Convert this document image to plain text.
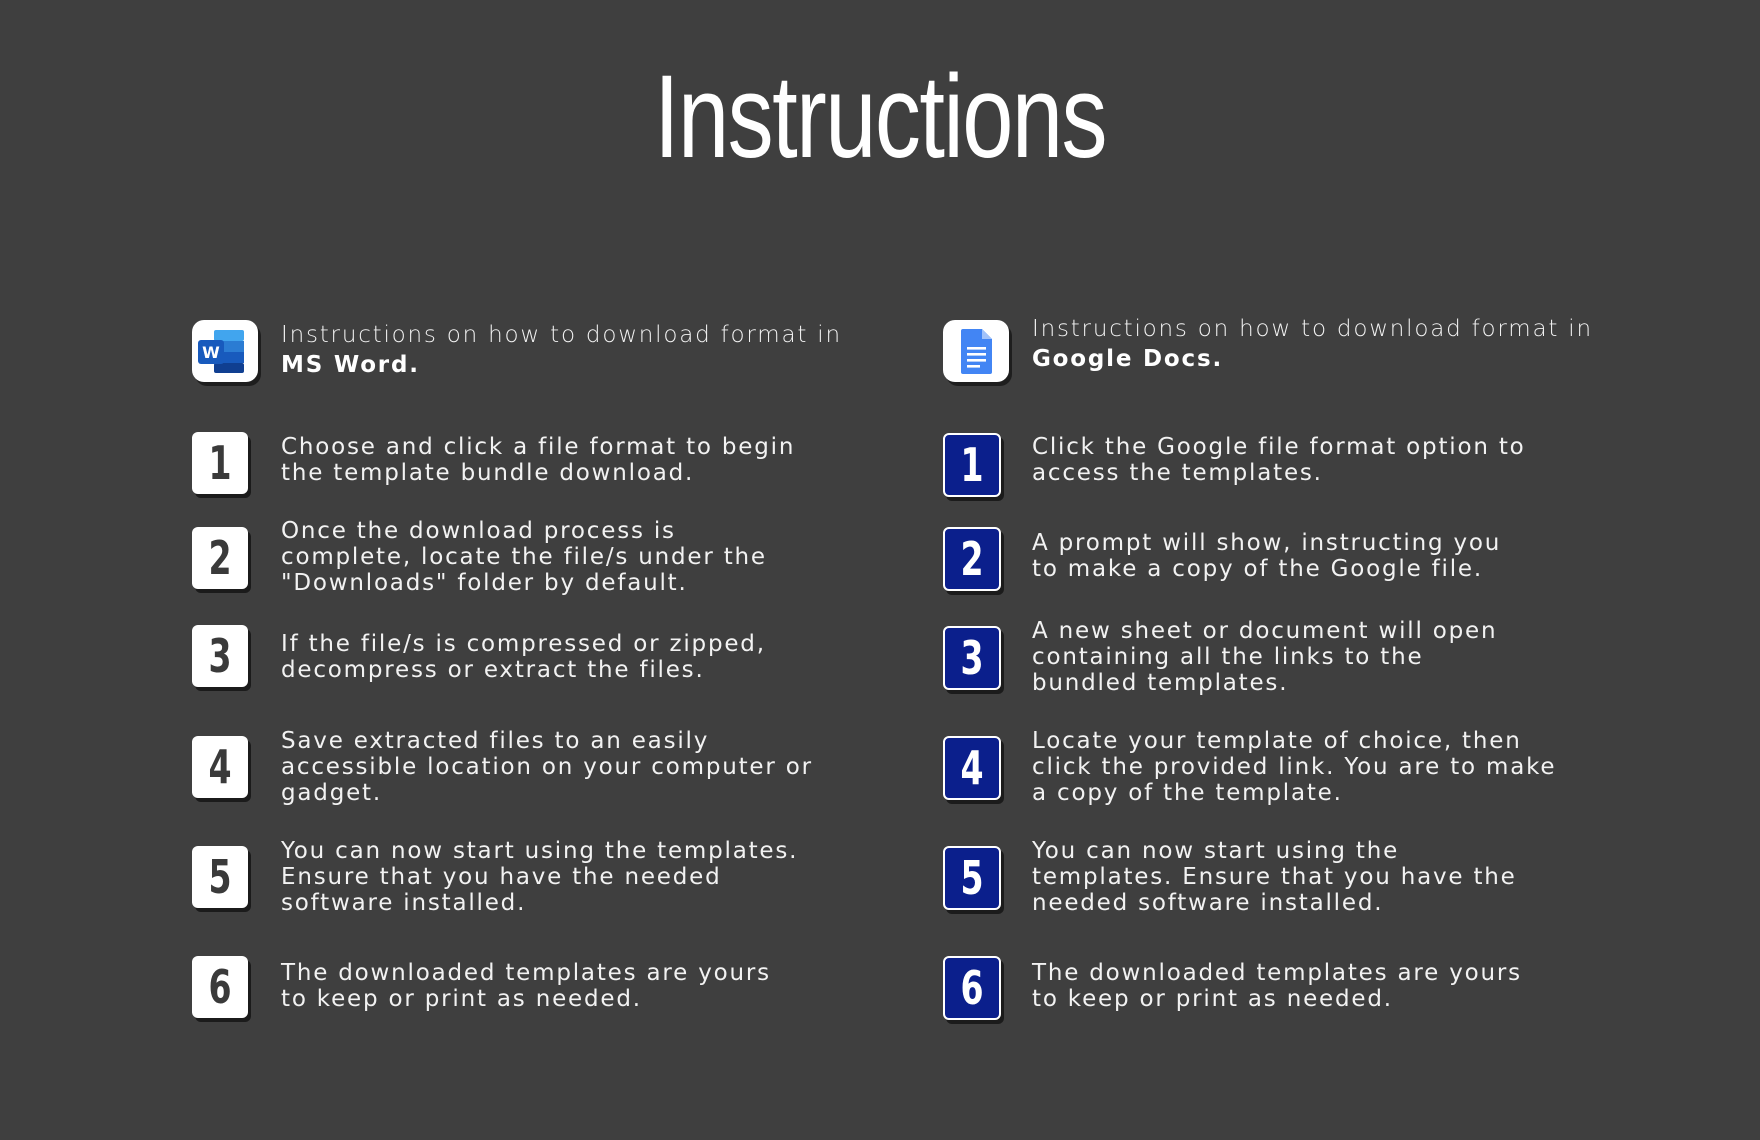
Instructions
W
Instructions on how to download format in MS Word.
1 Choose and click a file format to begin
the template bundle download.
2 Once the download process is
complete, locate the file/s under the
"Downloads" folder by default.
3 If the file/s is compressed or zipped,
decompress or extract the files.
4 Save extracted files to an easily
accessible location on your computer or
gadget.
5 You can now start using the templates.
Ensure that you have the needed
software installed.
6 The downloaded templates are yours
to keep or print as needed.
Instructions on how to download format in Google Docs.
1 Click the Google file format option to
access the templates.
2 A prompt will show, instructing you
to make a copy of the Google file.
3 A new sheet or document will open
containing all the links to the
bundled templates.
4 Locate your template of choice, then
click the provided link. You are to make
a copy of the template.
5 You can now start using the
templates. Ensure that you have the
needed software installed.
6 The downloaded templates are yours
to keep or print as needed.
